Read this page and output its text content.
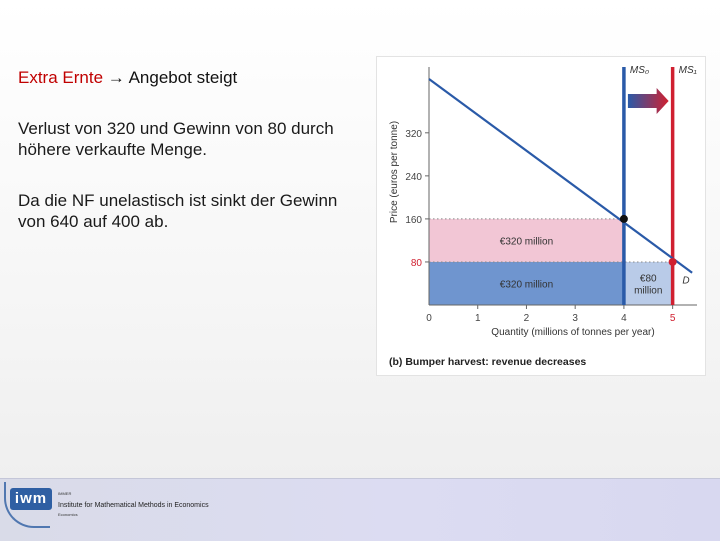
Extra Ernte → Angebot steigt
Verlust von 320 und Gewinn von 80 durch höhere verkaufte Menge.
Da die NF unelastisch ist sinkt der Gewinn von 640 auf 400 ab.
€320 million
€320 million
€80 million
80
160
240
320
0	1	2	3	4	5
MS₀	MS₁
D
Quantity (millions of tonnes per year)
Price (euros per tonne)
(b) Bumper harvest: revenue decreases
iwm	IMMER
Institute for Mathematical Methods in Economics
Economics
